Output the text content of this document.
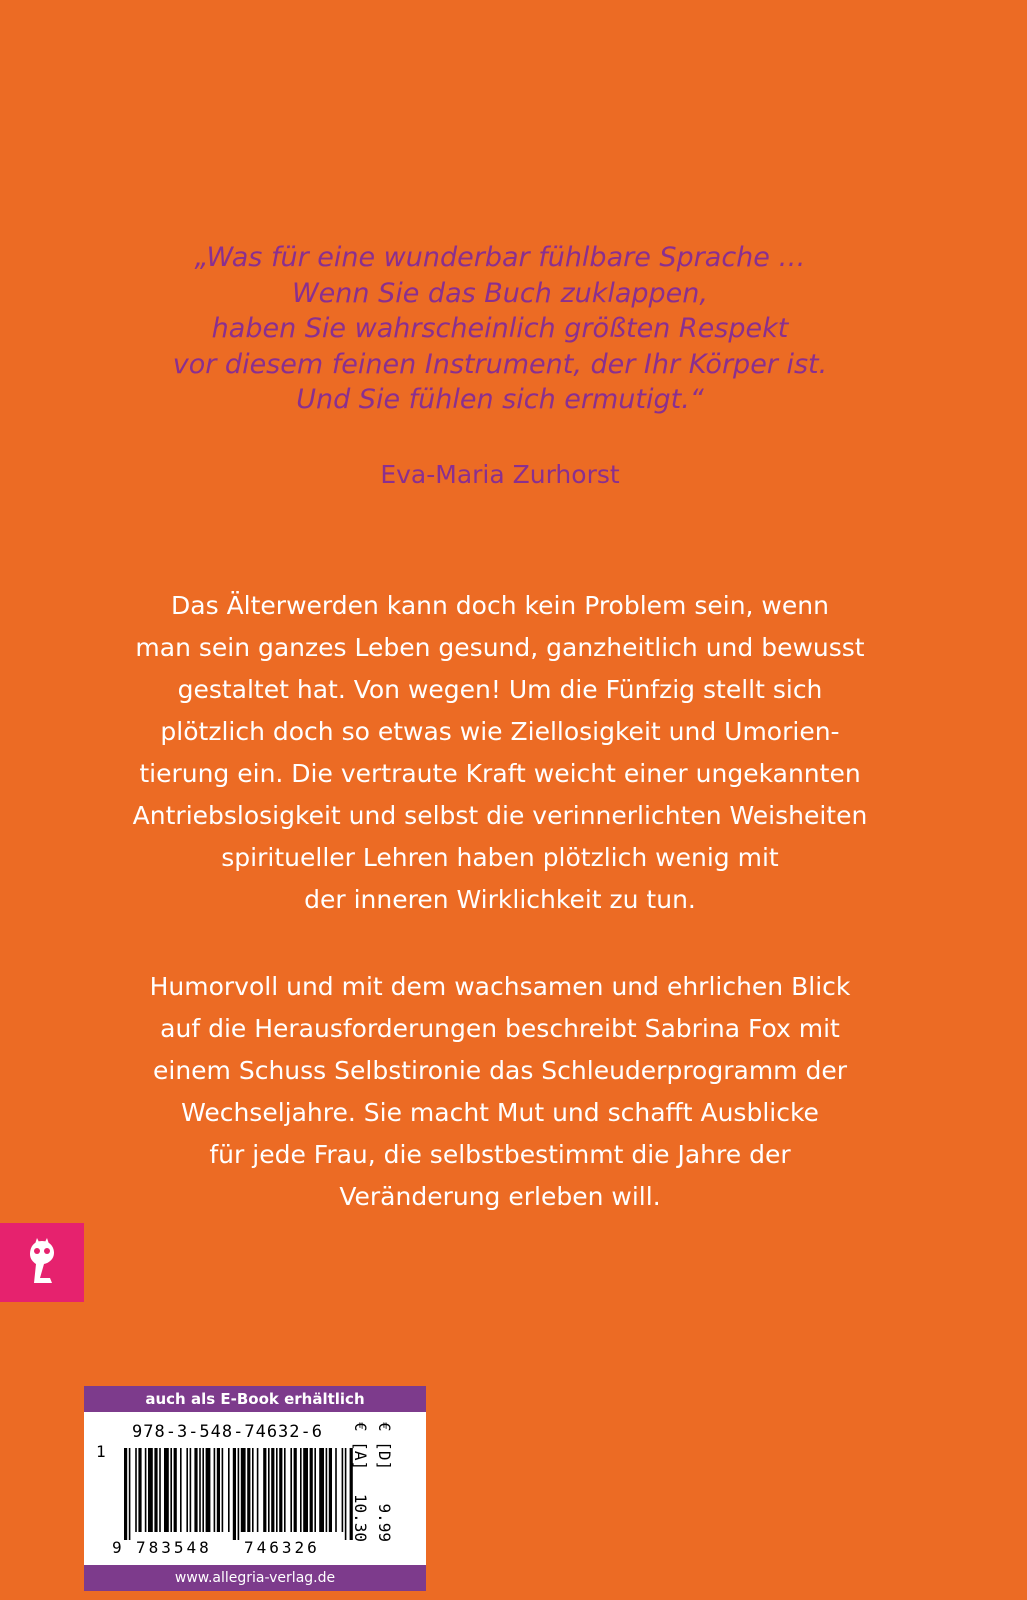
„Was für eine wunderbar fühlbare Sprache …
Wenn Sie das Buch zuklappen,
haben Sie wahrscheinlich größten Respekt
vor diesem feinen Instrument, der Ihr Körper ist.
Und Sie fühlen sich ermutigt.“
Eva-Maria Zurhorst
Das Älterwerden kann doch kein Problem sein, wenn
man sein ganzes Leben gesund, ganzheitlich und bewusst
gestaltet hat. Von wegen! Um die Fünfzig stellt sich
plötzlich doch so etwas wie Ziellosigkeit und Umorien-
tierung ein. Die vertraute Kraft weicht einer ungekannten
Antriebslosigkeit und selbst die verinnerlichten Weisheiten
spiritueller Lehren haben plötzlich wenig mit
der inneren Wirklichkeit zu tun.
Humorvoll und mit dem wachsamen und ehrlichen Blick
auf die Herausforderungen beschreibt Sabrina Fox mit
einem Schuss Selbstironie das Schleuderprogramm der
Wechseljahre. Sie macht Mut und schafft Ausblicke
für jede Frau, die selbstbestimmt die Jahre der
Veränderung erleben will.
auch als E-Book erhältlich
978-3-548-74632-6
1
9 783548 746326
€ [D]
9.99
€ [A]
10.30
www.allegria-verlag.de
